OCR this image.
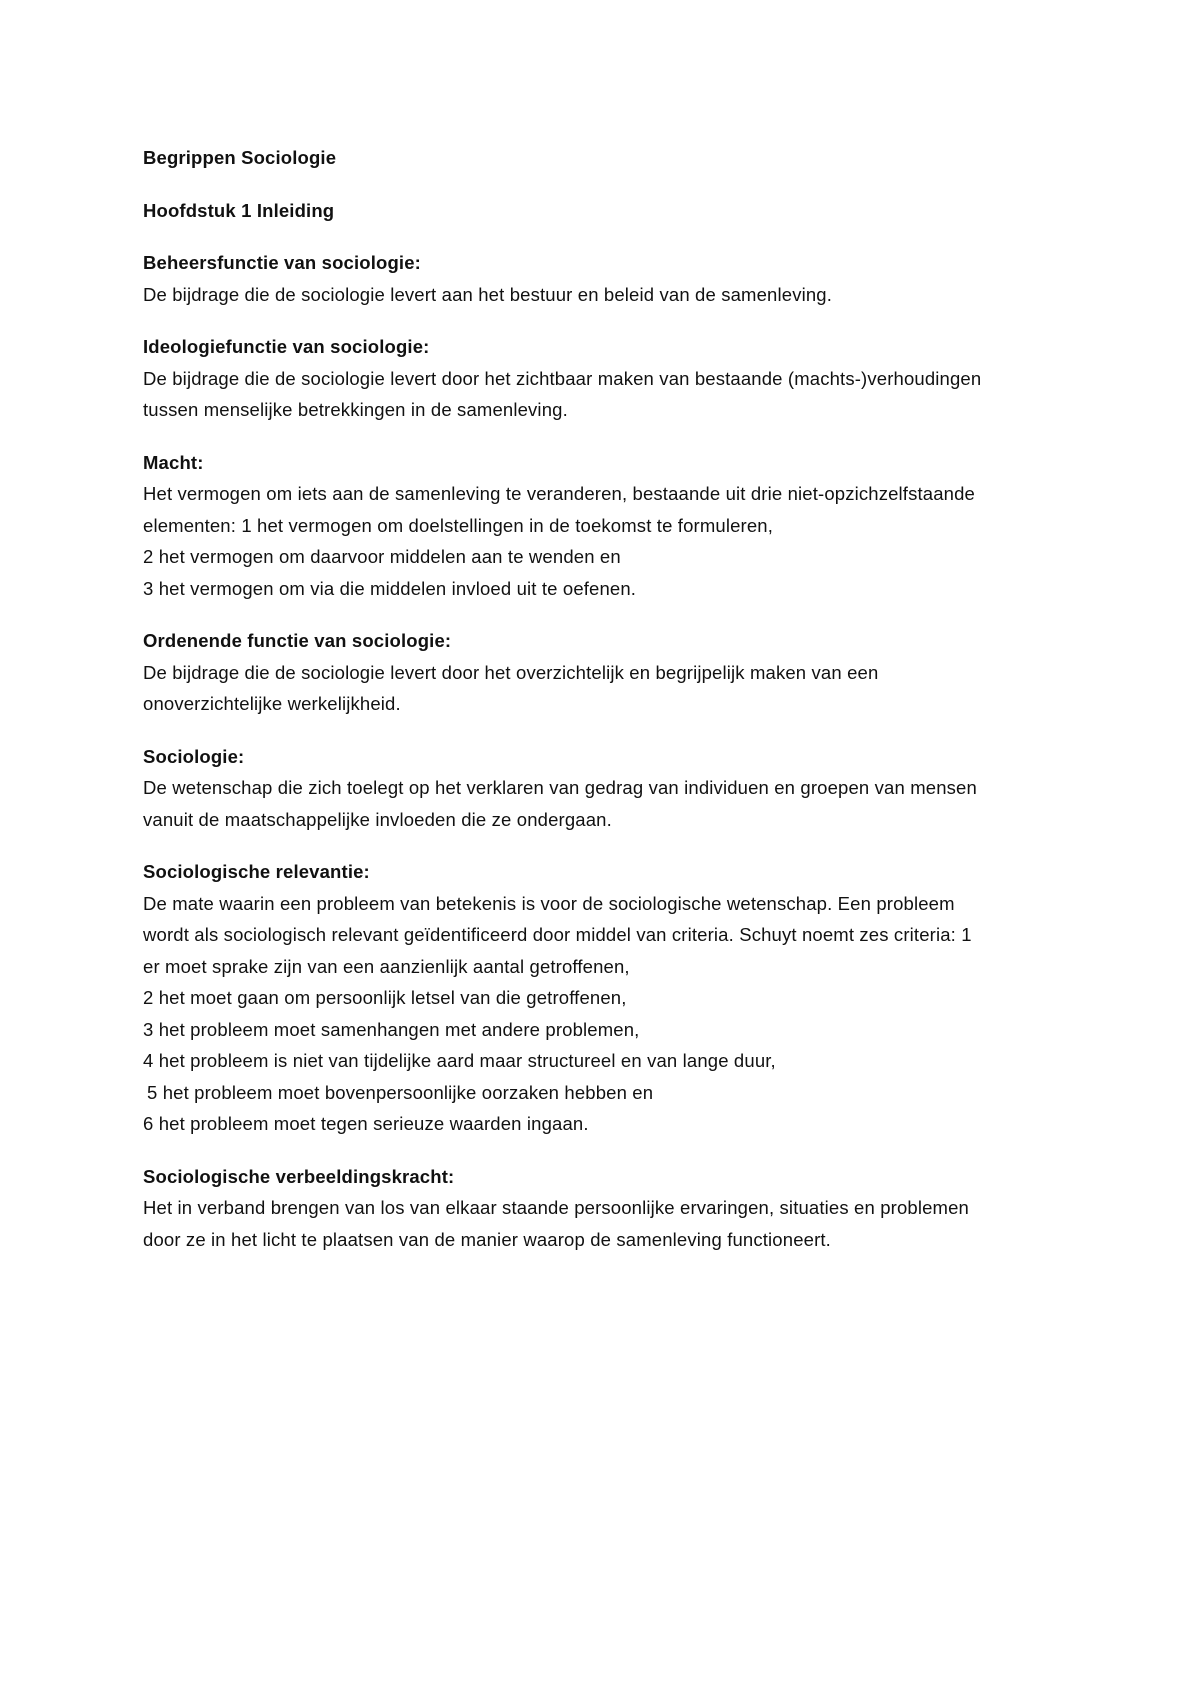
Begrippen Sociologie
Hoofdstuk 1 Inleiding
Beheersfunctie van sociologie:
De bijdrage die de sociologie levert aan het bestuur en beleid van de samenleving.
Ideologiefunctie van sociologie:
De bijdrage die de sociologie levert door het zichtbaar maken van bestaande (machts-)verhoudingen
tussen menselijke betrekkingen in de samenleving.
Macht:
Het vermogen om iets aan de samenleving te veranderen, bestaande uit drie niet-opzichzelfstaande
elementen: 1 het vermogen om doelstellingen in de toekomst te formuleren,
2 het vermogen om daarvoor middelen aan te wenden en
3 het vermogen om via die middelen invloed uit te oefenen.
Ordenende functie van sociologie:
De bijdrage die de sociologie levert door het overzichtelijk en begrijpelijk maken van een
onoverzichtelijke werkelijkheid.
Sociologie:
De wetenschap die zich toelegt op het verklaren van gedrag van individuen en groepen van mensen
vanuit de maatschappelijke invloeden die ze ondergaan.
Sociologische relevantie:
De mate waarin een probleem van betekenis is voor de sociologische wetenschap. Een probleem
wordt als sociologisch relevant geïdentificeerd door middel van criteria. Schuyt noemt zes criteria: 1
er moet sprake zijn van een aanzienlijk aantal getroffenen,
2 het moet gaan om persoonlijk letsel van die getroffenen,
3 het probleem moet samenhangen met andere problemen,
4 het probleem is niet van tijdelijke aard maar structureel en van lange duur,
5 het probleem moet bovenpersoonlijke oorzaken hebben en
6 het probleem moet tegen serieuze waarden ingaan.
Sociologische verbeeldingskracht:
Het in verband brengen van los van elkaar staande persoonlijke ervaringen, situaties en problemen
door ze in het licht te plaatsen van de manier waarop de samenleving functioneert.
